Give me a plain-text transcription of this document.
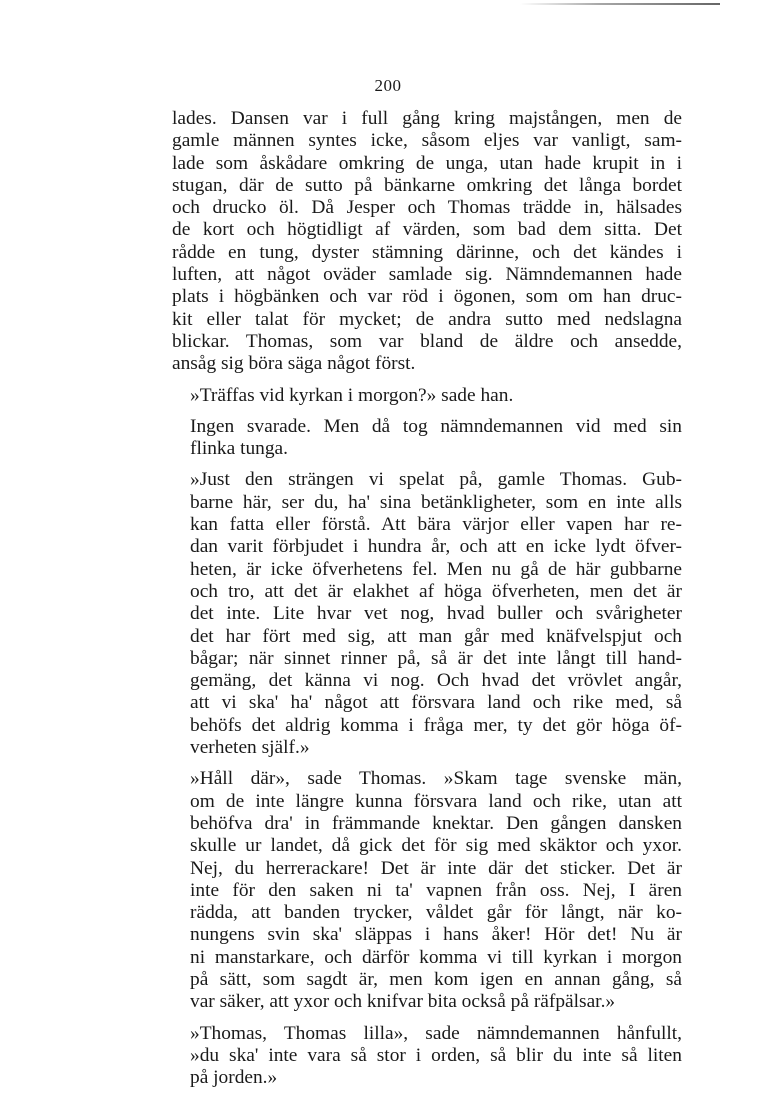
200
lades. Dansen var i full gång kring majstången, men de
gamle männen syntes icke, såsom eljes var vanligt, sam-
lade som åskådare omkring de unga, utan hade krupit in i
stugan, där de sutto på bänkarne omkring det långa bordet
och drucko öl. Då Jesper och Thomas trädde in, hälsades
de kort och högtidligt af värden, som bad dem sitta. Det
rådde en tung, dyster stämning därinne, och det kändes i
luften, att något oväder samlade sig. Nämndemannen hade
plats i högbänken och var röd i ögonen, som om han druc-
kit eller talat för mycket; de andra sutto med nedslagna
blickar. Thomas, som var bland de äldre och ansedde,
ansåg sig böra säga något först.
»Träffas vid kyrkan i morgon?» sade han.
Ingen svarade. Men då tog nämndemannen vid med sin
flinka tunga.
»Just den strängen vi spelat på, gamle Thomas. Gub-
barne här, ser du, ha' sina betänkligheter, som en inte alls
kan fatta eller förstå. Att bära värjor eller vapen har re-
dan varit förbjudet i hundra år, och att en icke lydt öfver-
heten, är icke öfverhetens fel. Men nu gå de här gubbarne
och tro, att det är elakhet af höga öfverheten, men det är
det inte. Lite hvar vet nog, hvad buller och svårigheter
det har fört med sig, att man går med knäfvelspjut och
bågar; när sinnet rinner på, så är det inte långt till hand-
gemäng, det känna vi nog. Och hvad det vrövlet angår,
att vi ska' ha' något att försvara land och rike med, så
behöfs det aldrig komma i fråga mer, ty det gör höga öf-
verheten själf.»
»Håll där», sade Thomas. »Skam tage svenske män,
om de inte längre kunna försvara land och rike, utan att
behöfva dra' in främmande knektar. Den gången dansken
skulle ur landet, då gick det för sig med skäktor och yxor.
Nej, du herrerackare! Det är inte där det sticker. Det är
inte för den saken ni ta' vapnen från oss. Nej, I ären
rädda, att banden trycker, våldet går för långt, när ko-
nungens svin ska' släppas i hans åker! Hör det! Nu är
ni manstarkare, och därför komma vi till kyrkan i morgon
på sätt, som sagdt är, men kom igen en annan gång, så
var säker, att yxor och knifvar bita också på räfpälsar.»
»Thomas, Thomas lilla», sade nämndemannen hånfullt,
»du ska' inte vara så stor i orden, så blir du inte så liten
på jorden.»
